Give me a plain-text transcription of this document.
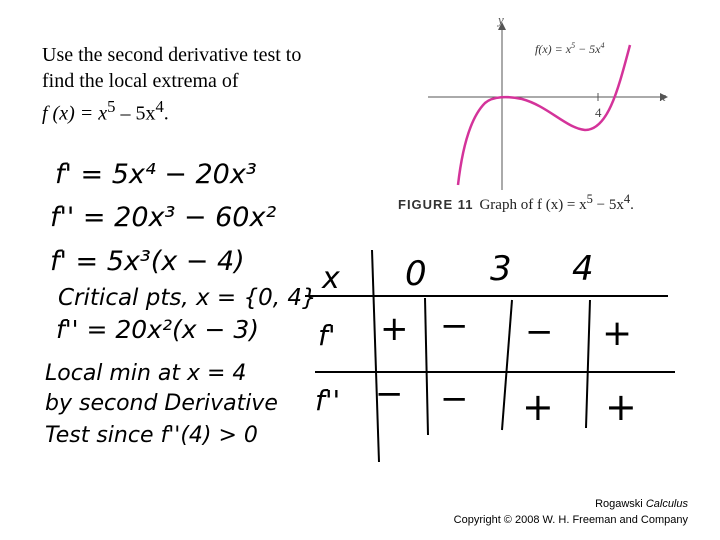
Use the second derivative test to
find the local extrema of
f $(x) = x^5 - 5x^4$.
x
y
4
$f(x) = x^5 - 5x^4$
FIGURE 11 Graph of f $(x) = x^5 - 5x^4$.
f' = 5x⁴ − 20x³
f'' = 20x³ − 60x²
f' = 5x³(x − 4)
Critical pts, x = {0, 4}
f'' = 20x²(x − 3)
Local min at x = 4
by second Derivative
Test since f''(4) > 0
x 0 3 4
f' + − − +
f'' − − + +
Rogawski Calculus
Copyright © 2008 W. H. Freeman and Company
